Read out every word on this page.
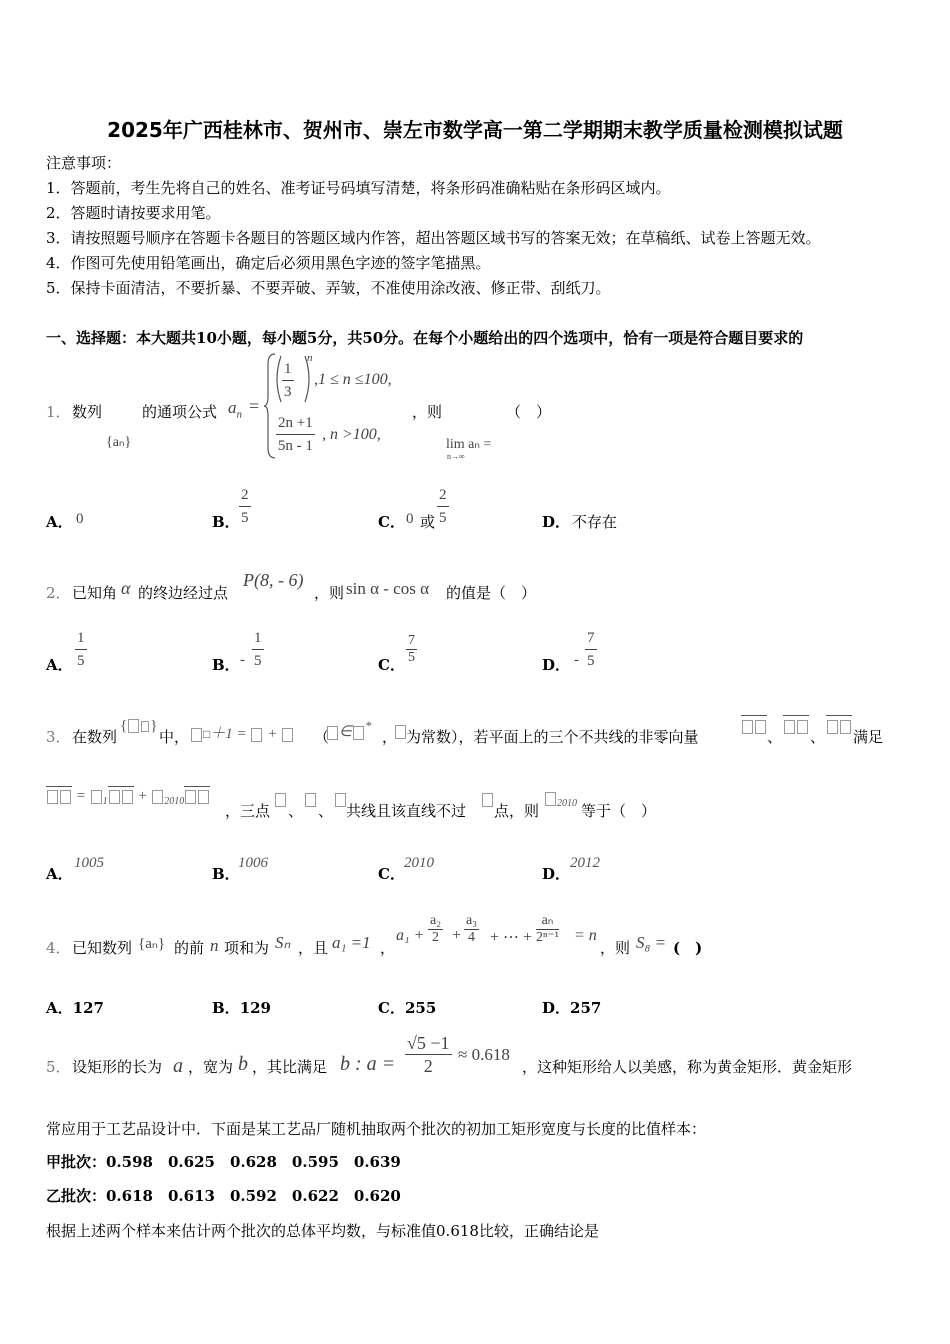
2025年广西桂林市、贺州市、崇左市数学高一第二学期期末教学质量检测模拟试题
注意事项：
1．答题前，考生先将自己的姓名、准考证号码填写清楚，将条形码准确粘贴在条形码区域内。
2．答题时请按要求用笔。
3．请按照题号顺序在答题卡各题目的答题区域内作答，超出答题区域书写的答案无效；在草稿纸、试卷上答题无效。
4．作图可先使用铅笔画出，确定后必须用黑色字迹的签字笔描黑。
5．保持卡面清洁，不要折暴、不要弄破、弄皱，不准使用涂改液、修正带、刮纸刀。
一、选择题：本大题共10小题，每小题5分，共50分。在每个小题给出的四个选项中，恰有一项是符合题目要求的
1． 数列
{aₙ}
的通项公式 $a_n$ =
$\frac{1}{3}$ n
,1 ≤ n ≤100,
$\frac{2n +1}{5n - 1}$ , n >100,
，则
lim aₙ =
n→∞
（　）
A． 0	B． $\frac{2}{5}$	C． 0 或 $\frac{2}{5}$	D． 不存在
2． 已知角 α 的终边经过点
P(8, - 6)
，则 sin α - cos α 的值是（　）
A． $\frac{1}{5}$	B． - $\frac{1}{5}$	C． $\frac{7}{5}$	D． - $\frac{7}{5}$
3． 在数列
{ }
中，	□＋1 =  +	（ ∈ *
， 为常数），若平面上的三个不共线的非零向量	、 、 满足
= $_1$ + $_{2010}$
，三点 、 、 共线且该直线不过 点，则	$_{2010}$ 等于（　）
A．
1005
B．
1006
C．
2010
D．
2012
4． 已知数列 {aₙ} 的前 n 项和为 Sₙ ，且 a₁ =1 ，
$a_1 + \frac{\text{a₂}}{2} + \frac{\text{a₃}}{4}$ + ⋯ + $\frac{\text{aₙ}}{\text{2ⁿ⁻¹}} = n$
，则 S₈ = (　)
A．127	B．129	C．255	D．257
5． 设矩形的长为 a ，宽为 b ，其比满足 b : $a = \frac{√5 -1}{2} \approx 0.618$
，这种矩形给人以美感，称为黄金矩形．黄金矩形
常应用于工艺品设计中．下面是某工艺品厂随机抽取两个批次的初加工矩形宽度与长度的比值样本：
甲批次：0.598　0.625　0.628　0.595　0.639
乙批次：0.618　0.613　0.592　0.622　0.620
根据上述两个样本来估计两个批次的总体平均数，与标准值0.618比较，正确结论是
